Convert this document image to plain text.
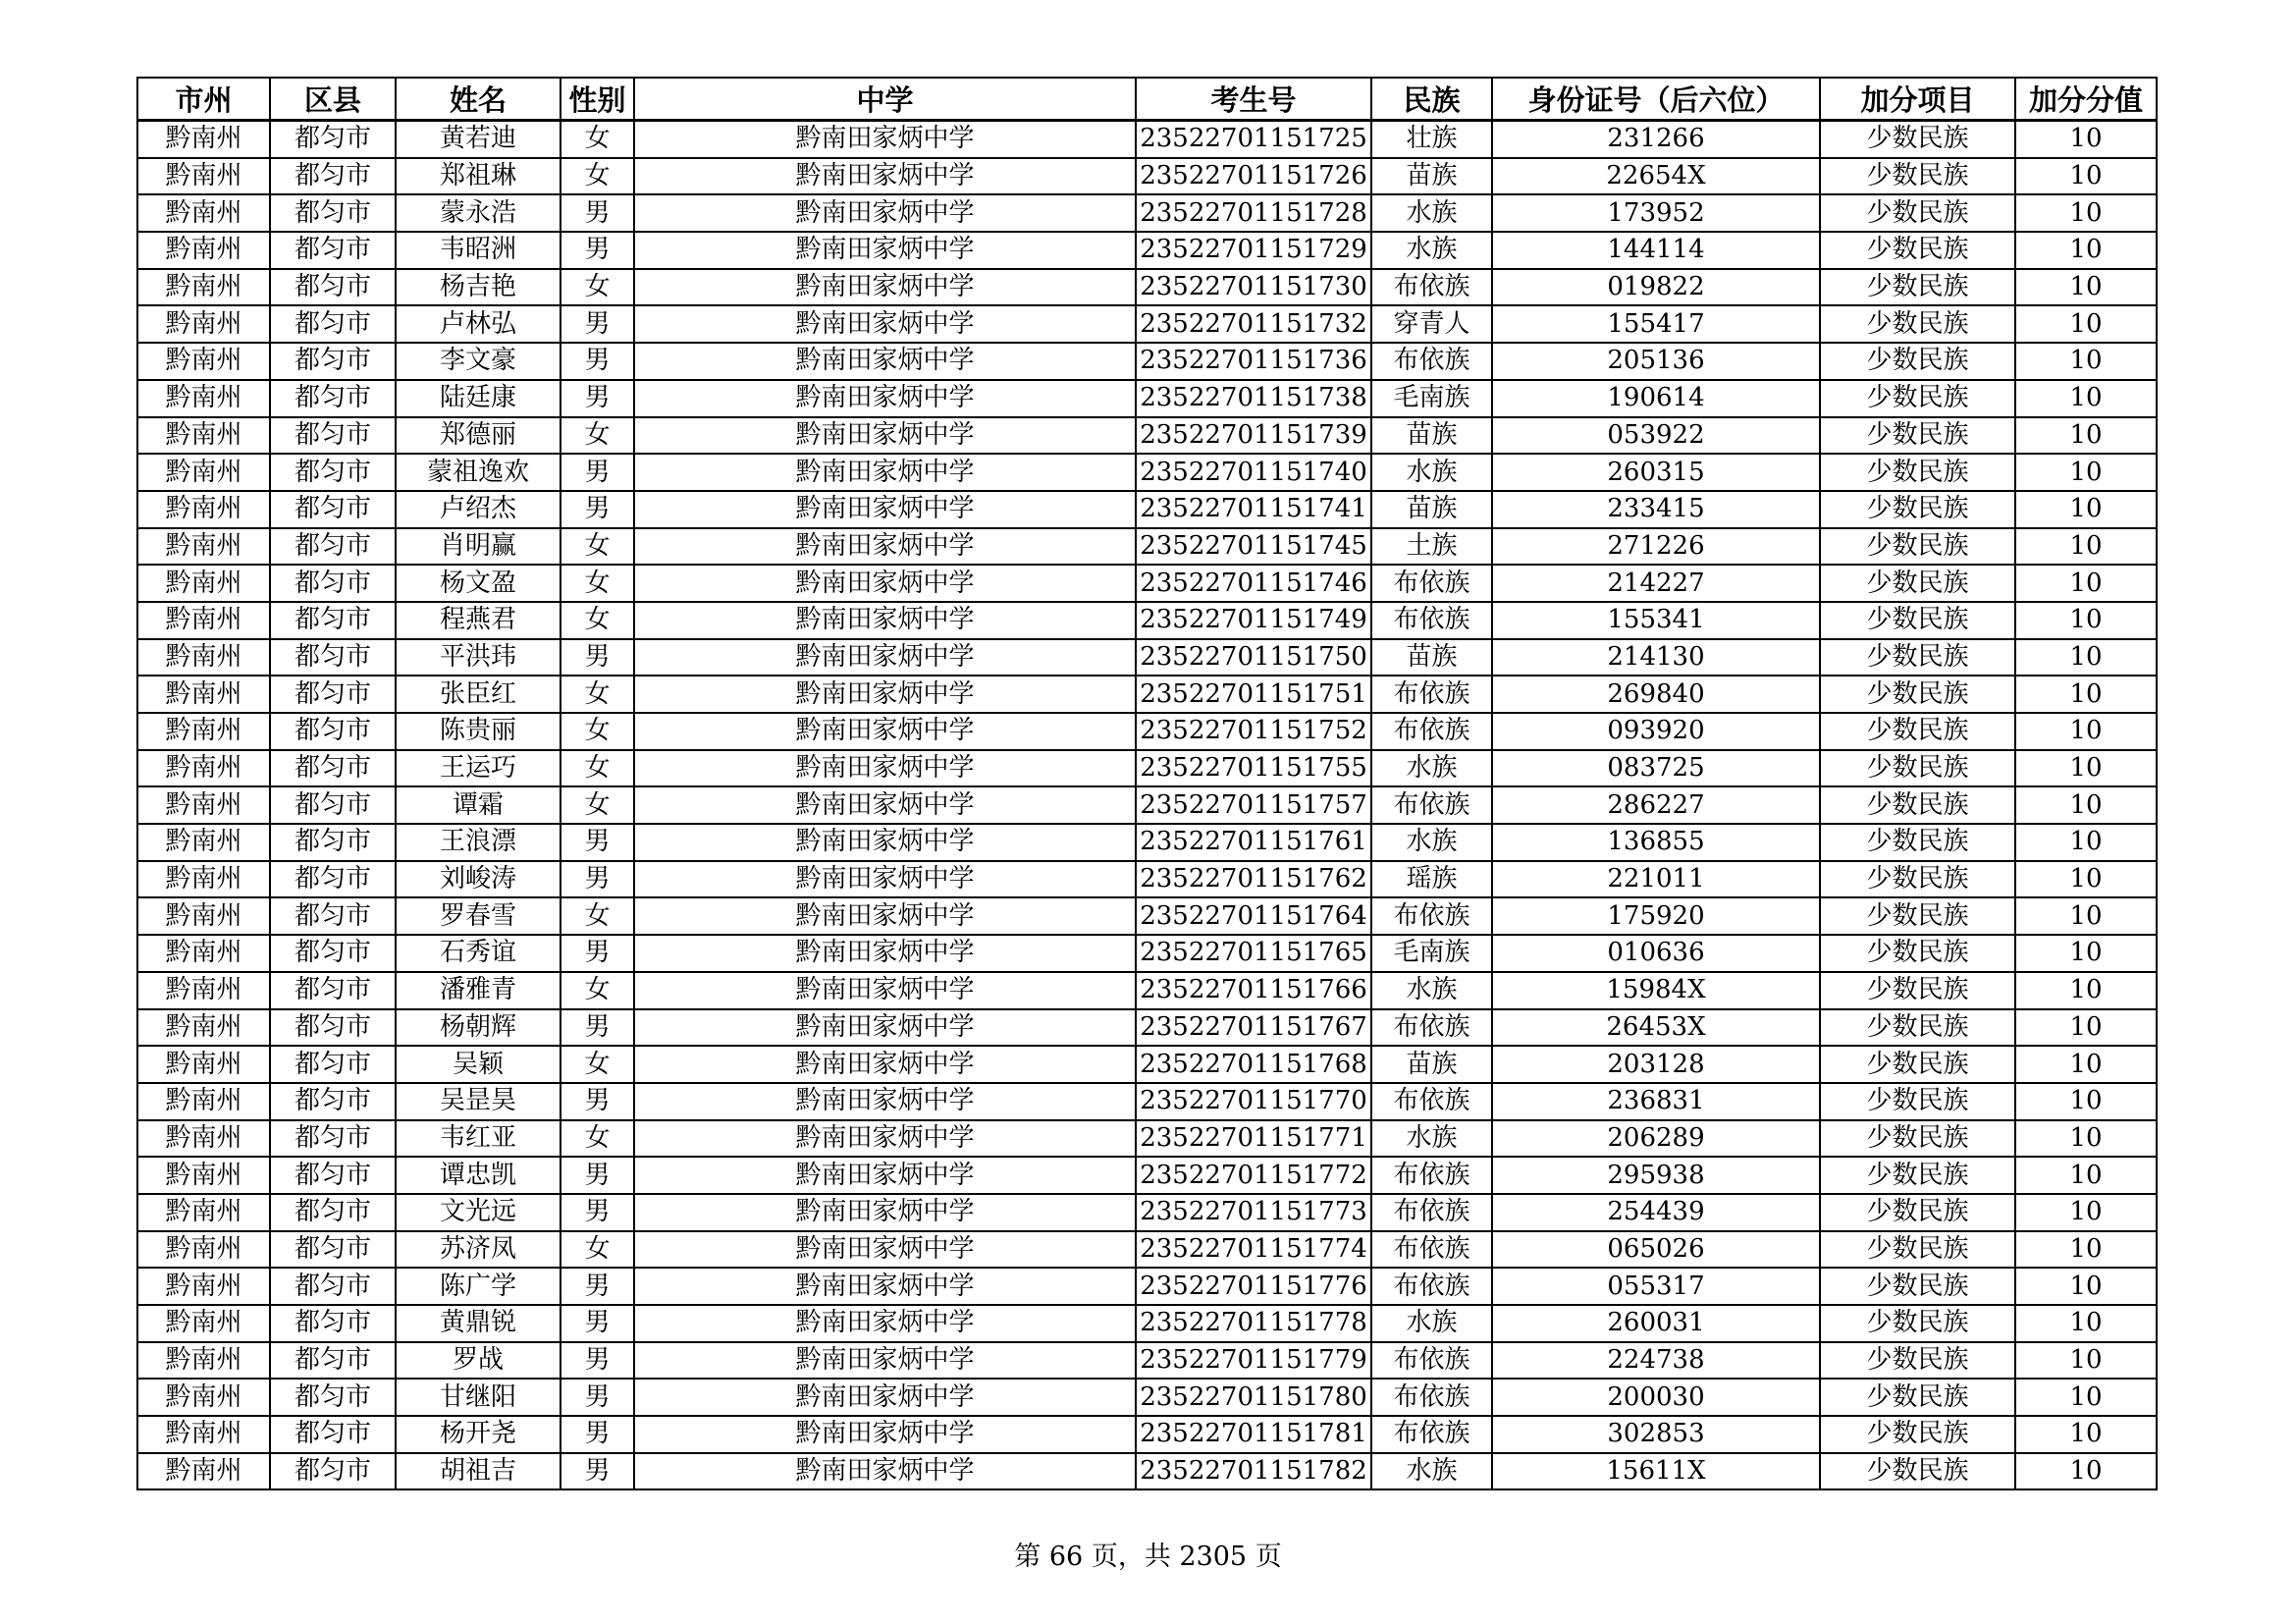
市州	区县	姓名	性别	中学	考生号	民族	身份证号（后六位）	加分项目	加分分值
黔南州	都匀市	黄若迪	女	黔南田家炳中学	23522701151725	壮族	231266	少数民族	10
黔南州	都匀市	郑祖琳	女	黔南田家炳中学	23522701151726	苗族	22654X	少数民族	10
黔南州	都匀市	蒙永浩	男	黔南田家炳中学	23522701151728	水族	173952	少数民族	10
黔南州	都匀市	韦昭洲	男	黔南田家炳中学	23522701151729	水族	144114	少数民族	10
黔南州	都匀市	杨吉艳	女	黔南田家炳中学	23522701151730	布依族	019822	少数民族	10
黔南州	都匀市	卢林弘	男	黔南田家炳中学	23522701151732	穿青人	155417	少数民族	10
黔南州	都匀市	李文豪	男	黔南田家炳中学	23522701151736	布依族	205136	少数民族	10
黔南州	都匀市	陆廷康	男	黔南田家炳中学	23522701151738	毛南族	190614	少数民族	10
黔南州	都匀市	郑德丽	女	黔南田家炳中学	23522701151739	苗族	053922	少数民族	10
黔南州	都匀市	蒙祖逸欢	男	黔南田家炳中学	23522701151740	水族	260315	少数民族	10
黔南州	都匀市	卢绍杰	男	黔南田家炳中学	23522701151741	苗族	233415	少数民族	10
黔南州	都匀市	肖明赢	女	黔南田家炳中学	23522701151745	土族	271226	少数民族	10
黔南州	都匀市	杨文盈	女	黔南田家炳中学	23522701151746	布依族	214227	少数民族	10
黔南州	都匀市	程燕君	女	黔南田家炳中学	23522701151749	布依族	155341	少数民族	10
黔南州	都匀市	平洪玮	男	黔南田家炳中学	23522701151750	苗族	214130	少数民族	10
黔南州	都匀市	张臣红	女	黔南田家炳中学	23522701151751	布依族	269840	少数民族	10
黔南州	都匀市	陈贵丽	女	黔南田家炳中学	23522701151752	布依族	093920	少数民族	10
黔南州	都匀市	王运巧	女	黔南田家炳中学	23522701151755	水族	083725	少数民族	10
黔南州	都匀市	谭霜	女	黔南田家炳中学	23522701151757	布依族	286227	少数民族	10
黔南州	都匀市	王浪漂	男	黔南田家炳中学	23522701151761	水族	136855	少数民族	10
黔南州	都匀市	刘峻涛	男	黔南田家炳中学	23522701151762	瑶族	221011	少数民族	10
黔南州	都匀市	罗春雪	女	黔南田家炳中学	23522701151764	布依族	175920	少数民族	10
黔南州	都匀市	石秀谊	男	黔南田家炳中学	23522701151765	毛南族	010636	少数民族	10
黔南州	都匀市	潘雅青	女	黔南田家炳中学	23522701151766	水族	15984X	少数民族	10
黔南州	都匀市	杨朝辉	男	黔南田家炳中学	23522701151767	布依族	26453X	少数民族	10
黔南州	都匀市	吴颖	女	黔南田家炳中学	23522701151768	苗族	203128	少数民族	10
黔南州	都匀市	吴昰昊	男	黔南田家炳中学	23522701151770	布依族	236831	少数民族	10
黔南州	都匀市	韦红亚	女	黔南田家炳中学	23522701151771	水族	206289	少数民族	10
黔南州	都匀市	谭忠凯	男	黔南田家炳中学	23522701151772	布依族	295938	少数民族	10
黔南州	都匀市	文光远	男	黔南田家炳中学	23522701151773	布依族	254439	少数民族	10
黔南州	都匀市	苏济凤	女	黔南田家炳中学	23522701151774	布依族	065026	少数民族	10
黔南州	都匀市	陈广学	男	黔南田家炳中学	23522701151776	布依族	055317	少数民族	10
黔南州	都匀市	黄鼎锐	男	黔南田家炳中学	23522701151778	水族	260031	少数民族	10
黔南州	都匀市	罗战	男	黔南田家炳中学	23522701151779	布依族	224738	少数民族	10
黔南州	都匀市	甘继阳	男	黔南田家炳中学	23522701151780	布依族	200030	少数民族	10
黔南州	都匀市	杨开尧	男	黔南田家炳中学	23522701151781	布依族	302853	少数民族	10
黔南州	都匀市	胡祖吉	男	黔南田家炳中学	23522701151782	水族	15611X	少数民族	10
第 66 页，共 2305 页
